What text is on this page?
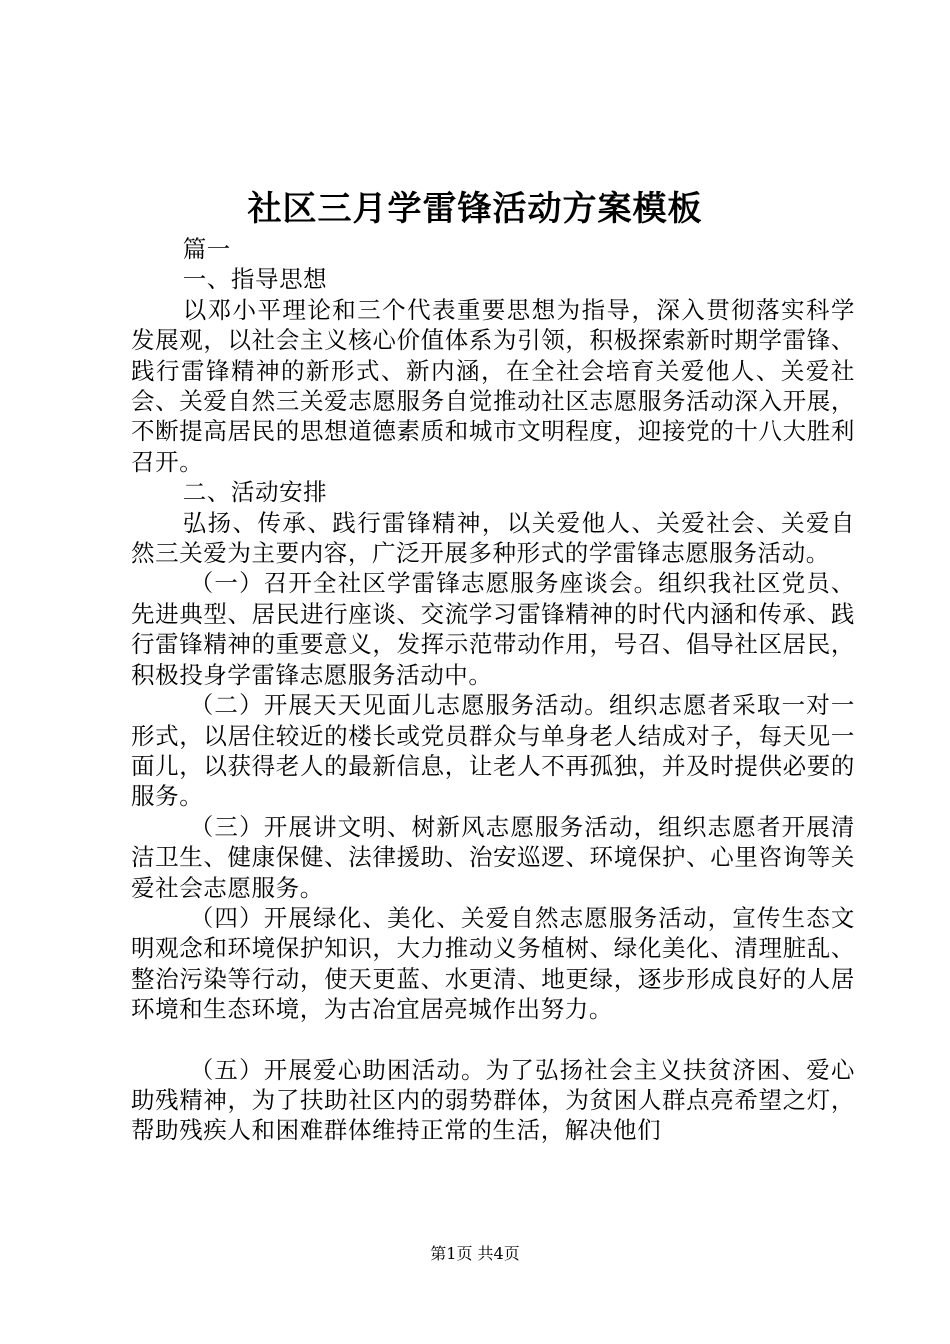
社区三月学雷锋活动方案模板

篇一

一、指导思想

以邓小平理论和三个代表重要思想为指导，深入贯彻落实科学发展观，以社会主义核心价值体系为引领，积极探索新时期学雷锋、践行雷锋精神的新形式、新内涵，在全社会培育关爱他人、关爱社会、关爱自然三关爱志愿服务自觉推动社区志愿服务活动深入开展，不断提高居民的思想道德素质和城市文明程度，迎接党的十八大胜利召开。

二、活动安排

弘扬、传承、践行雷锋精神，以关爱他人、关爱社会、关爱自然三关爱为主要内容，广泛开展多种形式的学雷锋志愿服务活动。

（一）召开全社区学雷锋志愿服务座谈会。组织我社区党员、先进典型、居民进行座谈、交流学习雷锋精神的时代内涵和传承、践行雷锋精神的重要意义，发挥示范带动作用，号召、倡导社区居民，积极投身学雷锋志愿服务活动中。

（二）开展天天见面儿志愿服务活动。组织志愿者采取一对一形式，以居住较近的楼长或党员群众与单身老人结成对子，每天见一面儿，以获得老人的最新信息，让老人不再孤独，并及时提供必要的服务。

（三）开展讲文明、树新风志愿服务活动，组织志愿者开展清洁卫生、健康保健、法律援助、治安巡逻、环境保护、心里咨询等关爱社会志愿服务。

（四）开展绿化、美化、关爱自然志愿服务活动，宣传生态文明观念和环境保护知识，大力推动义务植树、绿化美化、清理脏乱、整治污染等行动，使天更蓝、水更清、地更绿，逐步形成良好的人居环境和生态环境，为古冶宜居亮城作出努力。

（五）开展爱心助困活动。为了弘扬社会主义扶贫济困、爱心助残精神，为了扶助社区内的弱势群体，为贫困人群点亮希望之灯，帮助残疾人和困难群体维持正常的生活，解决他们

第1页 共4页
